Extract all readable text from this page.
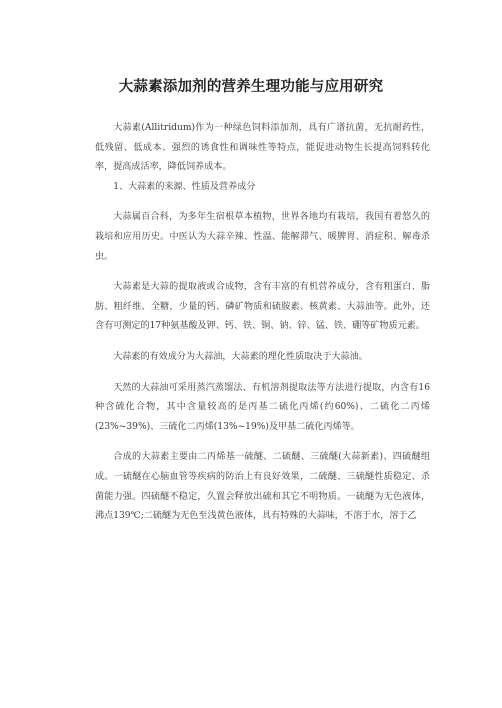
大蒜素添加剂的营养生理功能与应用研究

大蒜素(Allitridum)作为一种绿色饲料添加剂，具有广谱抗菌，无抗耐药性，低残留、低成本、强烈的诱食性和调味性等特点，能促进动物生长提高饲料转化率，提高成活率，降低饲养成本。

1、大蒜素的来源、性质及营养成分

大蒜属百合科，为多年生宿根草本植物，世界各地均有栽培，我国有着悠久的栽培和应用历史。中医认为大蒜辛辣、性温、能解滞气、暖脾胃、消症积、解毒杀虫。

大蒜素是大蒜的提取液或合成物，含有丰富的有机营养成分，含有粗蛋白、脂肪、粗纤维、全糖，少量的钙、磷矿物质和硫胺素、核黄素、大蒜油等。此外，还含有可测定的17种氨基酸及钾、钙、铁、铜、钠、锌、锰、铁、硼等矿物质元素。

大蒜素的有效成分为大蒜油，大蒜素的理化性质取决于大蒜油。

天然的大蒜油可采用蒸汽蒸馏法、有机溶剂提取法等方法进行提取，内含有16种含硫化合物，其中含量较高的是丙基二硫化丙烯(约60%)、二硫化二丙烯(23%~39%)、三硫化二丙烯(13%~19%)及甲基二硫化丙烯等。

合成的大蒜素主要由二丙烯基一硫醚、二硫醚、三硫醚(大蒜新素)、四硫醚组成。一硫醚在心脑血管等疾病的防治上有良好效果，二硫醚、三硫醚性质稳定、杀菌能力强。四硫醚不稳定，久置会释放出硫和其它不明物质。一硫醚为无色液体，沸点139℃;二硫醚为无色至浅黄色液体，具有特殊的大蒜味，不溶于水，溶于乙
